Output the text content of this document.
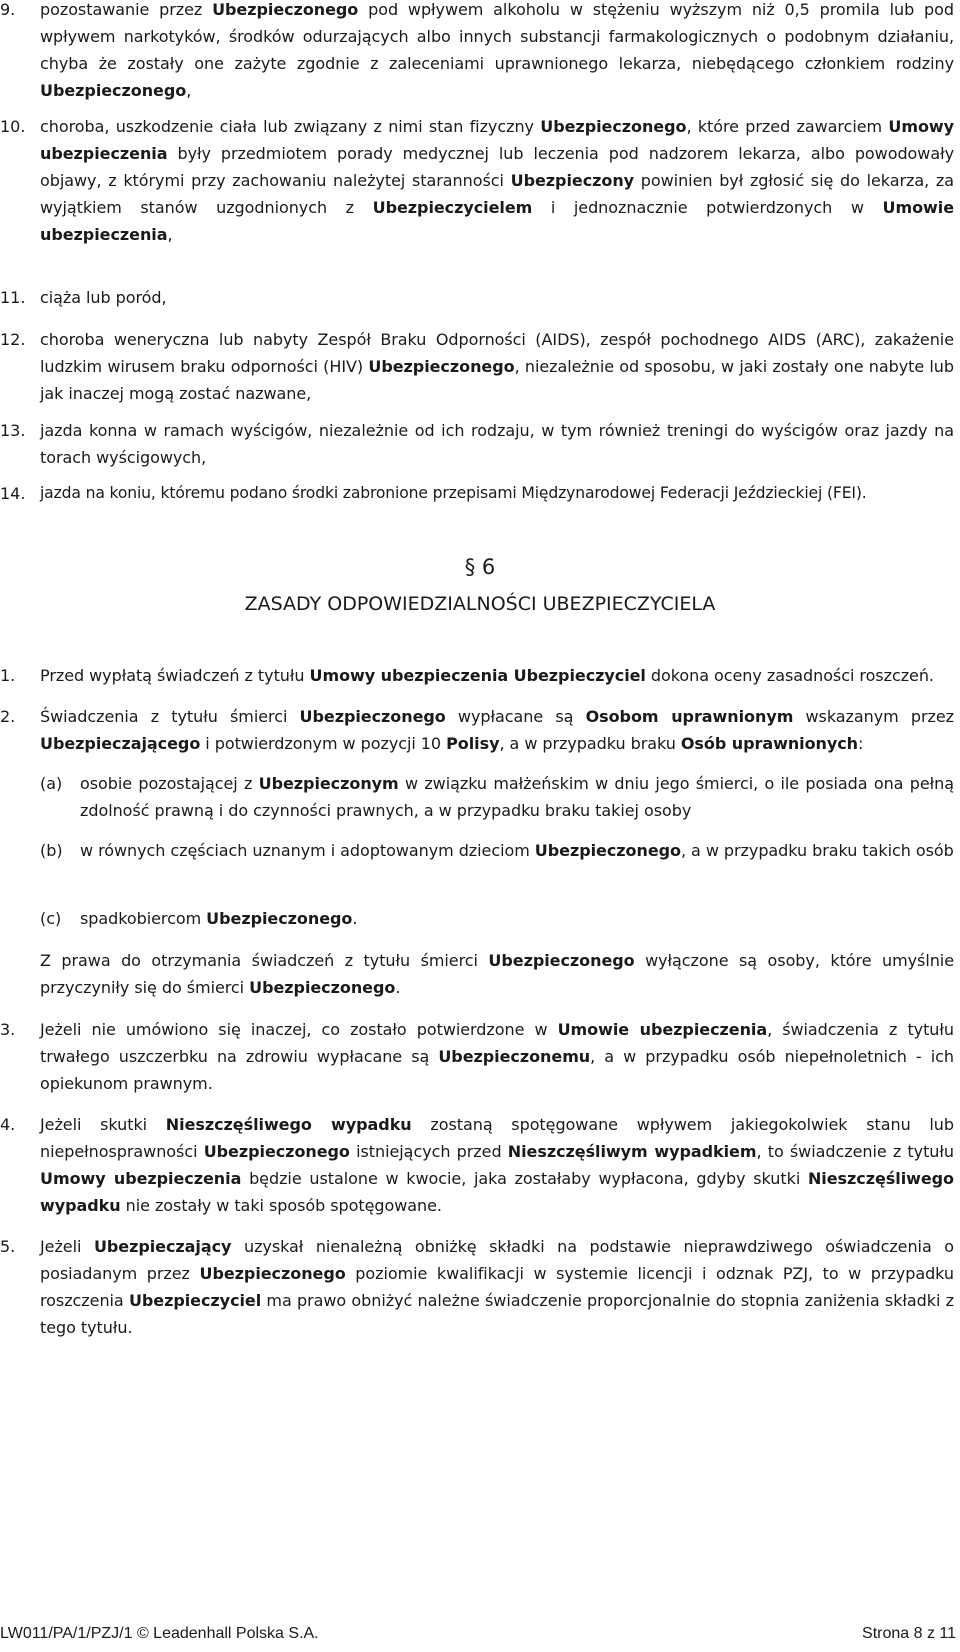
9. pozostawanie przez Ubezpieczonego pod wpływem alkoholu w stężeniu wyższym niż 0,5 promila lub pod wpływem narkotyków, środków odurzających albo innych substancji farmakologicznych o podobnym działaniu, chyba że zostały one zażyte zgodnie z zaleceniami uprawnionego lekarza, niebędącego członkiem rodziny Ubezpieczonego,
10. choroba, uszkodzenie ciała lub związany z nimi stan fizyczny Ubezpieczonego, które przed zawarciem Umowy ubezpieczenia były przedmiotem porady medycznej lub leczenia pod nadzorem lekarza, albo powodowały objawy, z którymi przy zachowaniu należytej staranności Ubezpieczony powinien był zgłosić się do lekarza, za wyjątkiem stanów uzgodnionych z Ubezpieczycielem i jednoznacznie potwierdzonych w Umowie ubezpieczenia,
11. ciąża lub poród,
12. choroba weneryczna lub nabyty Zespół Braku Odporności (AIDS), zespół pochodnego AIDS (ARC), zakażenie ludzkim wirusem braku odporności (HIV) Ubezpieczonego, niezależnie od sposobu, w jaki zostały one nabyte lub jak inaczej mogą zostać nazwane,
13. jazda konna w ramach wyścigów, niezależnie od ich rodzaju, w tym również treningi do wyścigów oraz jazdy na torach wyścigowych,
14. jazda na koniu, któremu podano środki zabronione przepisami Międzynarodowej Federacji Jeździeckiej (FEI).
§ 6
ZASADY ODPOWIEDZIALNOŚCI UBEZPIECZYCIELA
1. Przed wypłatą świadczeń z tytułu Umowy ubezpieczenia Ubezpieczyciel dokona oceny zasadności roszczeń.
2. Świadczenia z tytułu śmierci Ubezpieczonego wypłacane są Osobom uprawnionym wskazanym przez Ubezpieczającego i potwierdzonym w pozycji 10 Polisy, a w przypadku braku Osób uprawnionych:
(a) osobie pozostającej z Ubezpieczonym w związku małżeńskim w dniu jego śmierci, o ile posiada ona pełną zdolność prawną i do czynności prawnych, a w przypadku braku takiej osoby
(b) w równych częściach uznanym i adoptowanym dzieciom Ubezpieczonego, a w przypadku braku takich osób
(c) spadkobiercom Ubezpieczonego.
Z prawa do otrzymania świadczeń z tytułu śmierci Ubezpieczonego wyłączone są osoby, które umyślnie przyczyniły się do śmierci Ubezpieczonego.
3. Jeżeli nie umówiono się inaczej, co zostało potwierdzone w Umowie ubezpieczenia, świadczenia z tytułu trwałego uszczerbku na zdrowiu wypłacane są Ubezpieczonemu, a w przypadku osób niepełnoletnich - ich opiekunom prawnym.
4. Jeżeli skutki Nieszczęśliwego wypadku zostaną spotęgowane wpływem jakiegokolwiek stanu lub niepełnosprawności Ubezpieczonego istniejących przed Nieszczęśliwym wypadkiem, to świadczenie z tytułu Umowy ubezpieczenia będzie ustalone w kwocie, jaka zostałaby wypłacona, gdyby skutki Nieszczęśliwego wypadku nie zostały w taki sposób spotęgowane.
5. Jeżeli Ubezpieczający uzyskał nienależną obniżkę składki na podstawie nieprawdziwego oświadczenia o posiadanym przez Ubezpieczonego poziomie kwalifikacji w systemie licencji i odznak PZJ, to w przypadku roszczenia Ubezpieczyciel ma prawo obniżyć należne świadczenie proporcjonalnie do stopnia zaniżenia składki z tego tytułu.
LW011/PA/1/PZJ/1 © Leadenhall Polska S.A.	Strona 8 z 11
